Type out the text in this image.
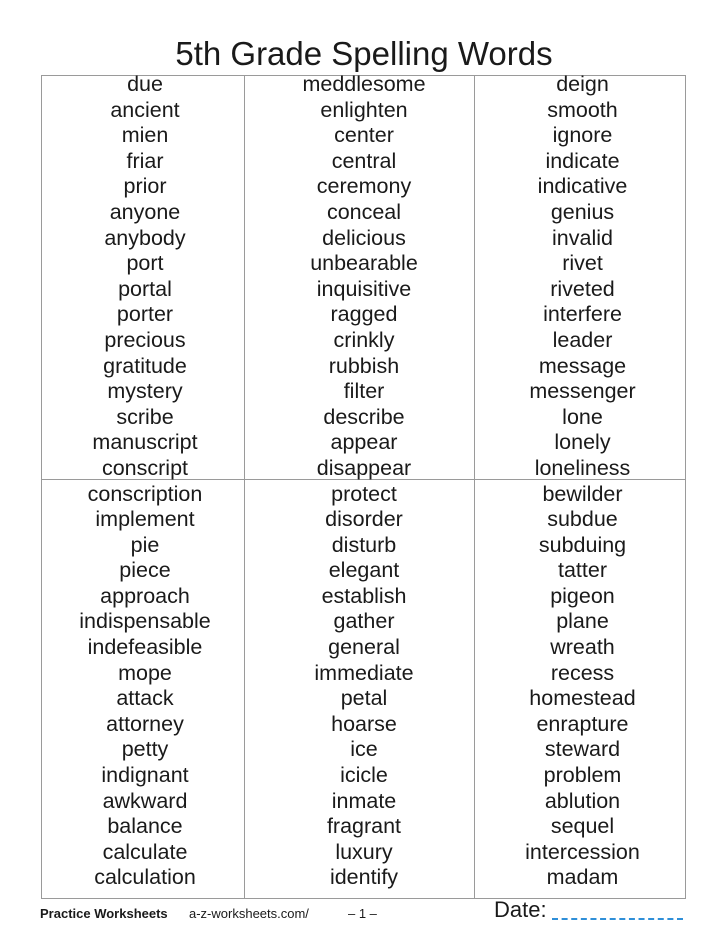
5th Grade Spelling Words
due
ancient
mien
friar
prior
anyone
anybody
port
portal
porter
precious
gratitude
mystery
scribe
manuscript
conscript
conscription
implement
pie
piece
approach
indispensable
indefeasible
mope
attack
attorney
petty
indignant
awkward
balance
calculate
calculation
meddlesome
enlighten
center
central
ceremony
conceal
delicious
unbearable
inquisitive
ragged
crinkly
rubbish
filter
describe
appear
disappear
protect
disorder
disturb
elegant
establish
gather
general
immediate
petal
hoarse
ice
icicle
inmate
fragrant
luxury
identify
deign
smooth
ignore
indicate
indicative
genius
invalid
rivet
riveted
interfere
leader
message
messenger
lone
lonely
loneliness
bewilder
subdue
subduing
tatter
pigeon
plane
wreath
recess
homestead
enrapture
steward
problem
ablution
sequel
intercession
madam
Practice Worksheets a-z-worksheets.com/	– 1 –	Date:
